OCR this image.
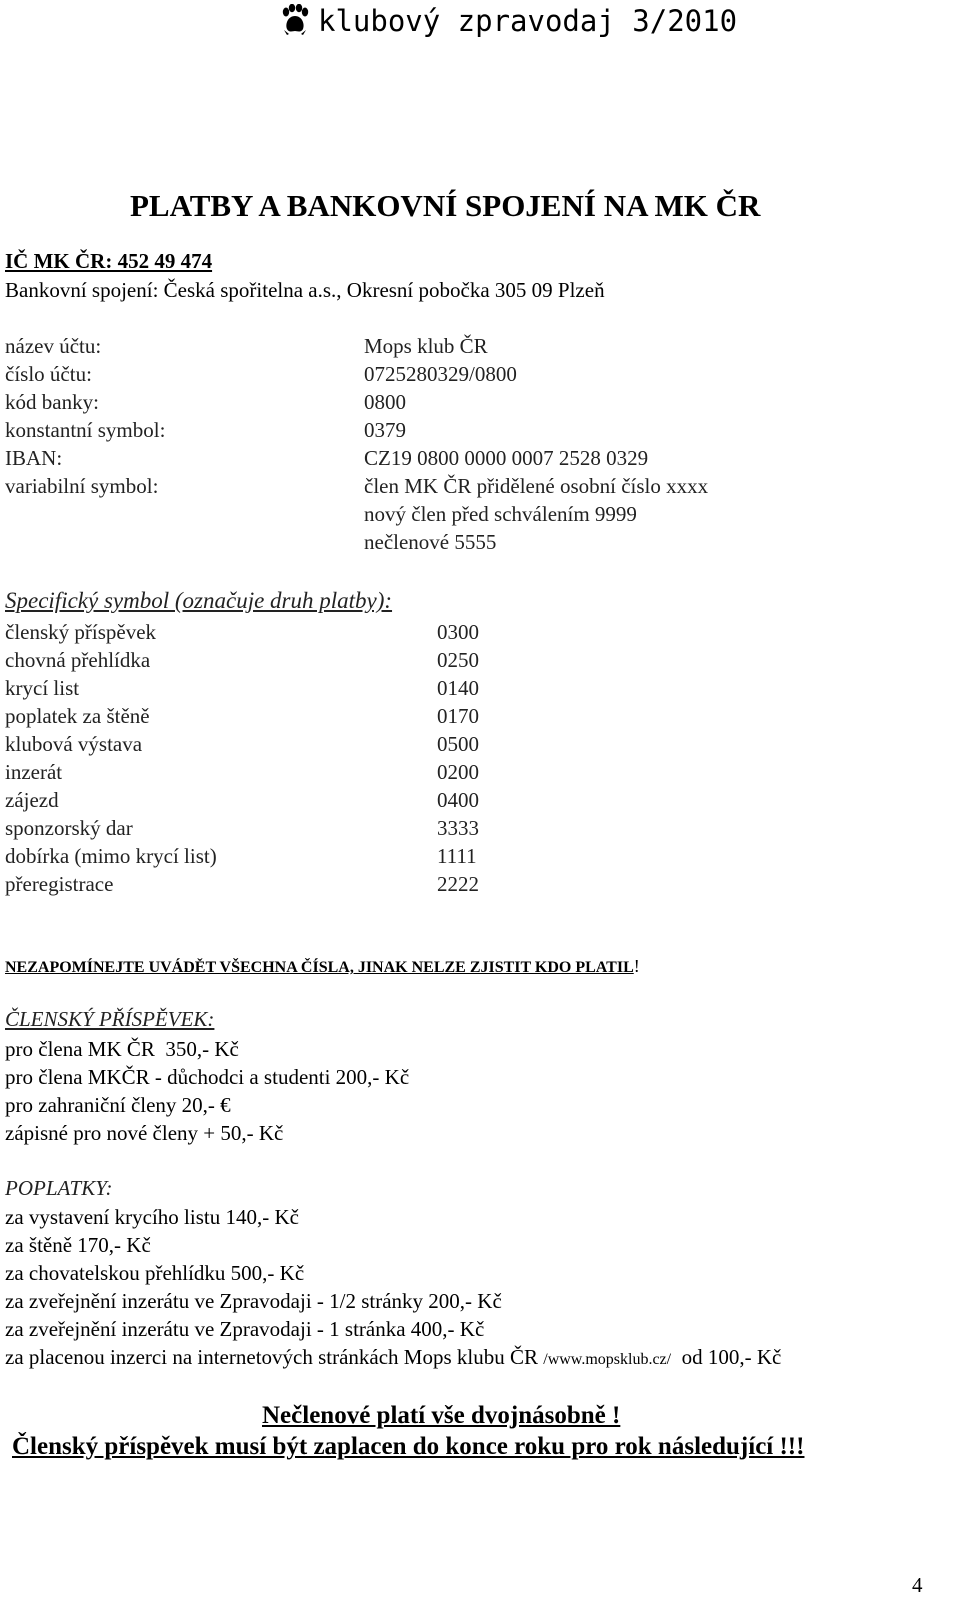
klubový zpravodaj 3/2010
PLATBY A BANKOVNÍ SPOJENÍ NA MK ČR
IČ MK ČR: 452 49 474
Bankovní spojení: Česká spořitelna a.s., Okresní pobočka 305 09 Plzeň
název účtu:	Mops klub ČR
číslo účtu:	0725280329/0800
kód banky:	0800
konstantní symbol:	0379
IBAN:	CZ19 0800 0000 0007 2528 0329
variabilní symbol:	člen MK ČR přidělené osobní číslo xxxx
nový člen před schválením 9999
nečlenové 5555
Specifický symbol (označuje druh platby):
členský příspěvek	0300
chovná přehlídka	0250
krycí list	0140
poplatek za štěně	0170
klubová výstava	0500
inzerát	0200
zájezd	0400
sponzorský dar	3333
dobírka (mimo krycí list)	1111
přeregistrace	2222
NEZAPOMÍNEJTE UVÁDĚT VŠECHNA ČÍSLA, JINAK NELZE ZJISTIT KDO PLATIL!
ČLENSKÝ PŘÍSPĚVEK:
pro člena MK ČR  350,- Kč
pro člena MKČR - důchodci a studenti 200,- Kč
pro zahraniční členy 20,- €
zápisné pro nové členy + 50,- Kč
POPLATKY:
za vystavení krycího listu 140,- Kč
za štěně 170,- Kč
za chovatelskou přehlídku 500,- Kč
za zveřejnění inzerátu ve Zpravodaji - 1/2 stránky 200,- Kč
za zveřejnění inzerátu ve Zpravodaji - 1 stránka 400,- Kč
za placenou inzerci na internetových stránkách Mops klubu ČR /www.mopsklub.cz/  od 100,- Kč
Nečlenové platí vše dvojnásobně !
Členský příspěvek musí být zaplacen do konce roku pro rok následující !!!
4
